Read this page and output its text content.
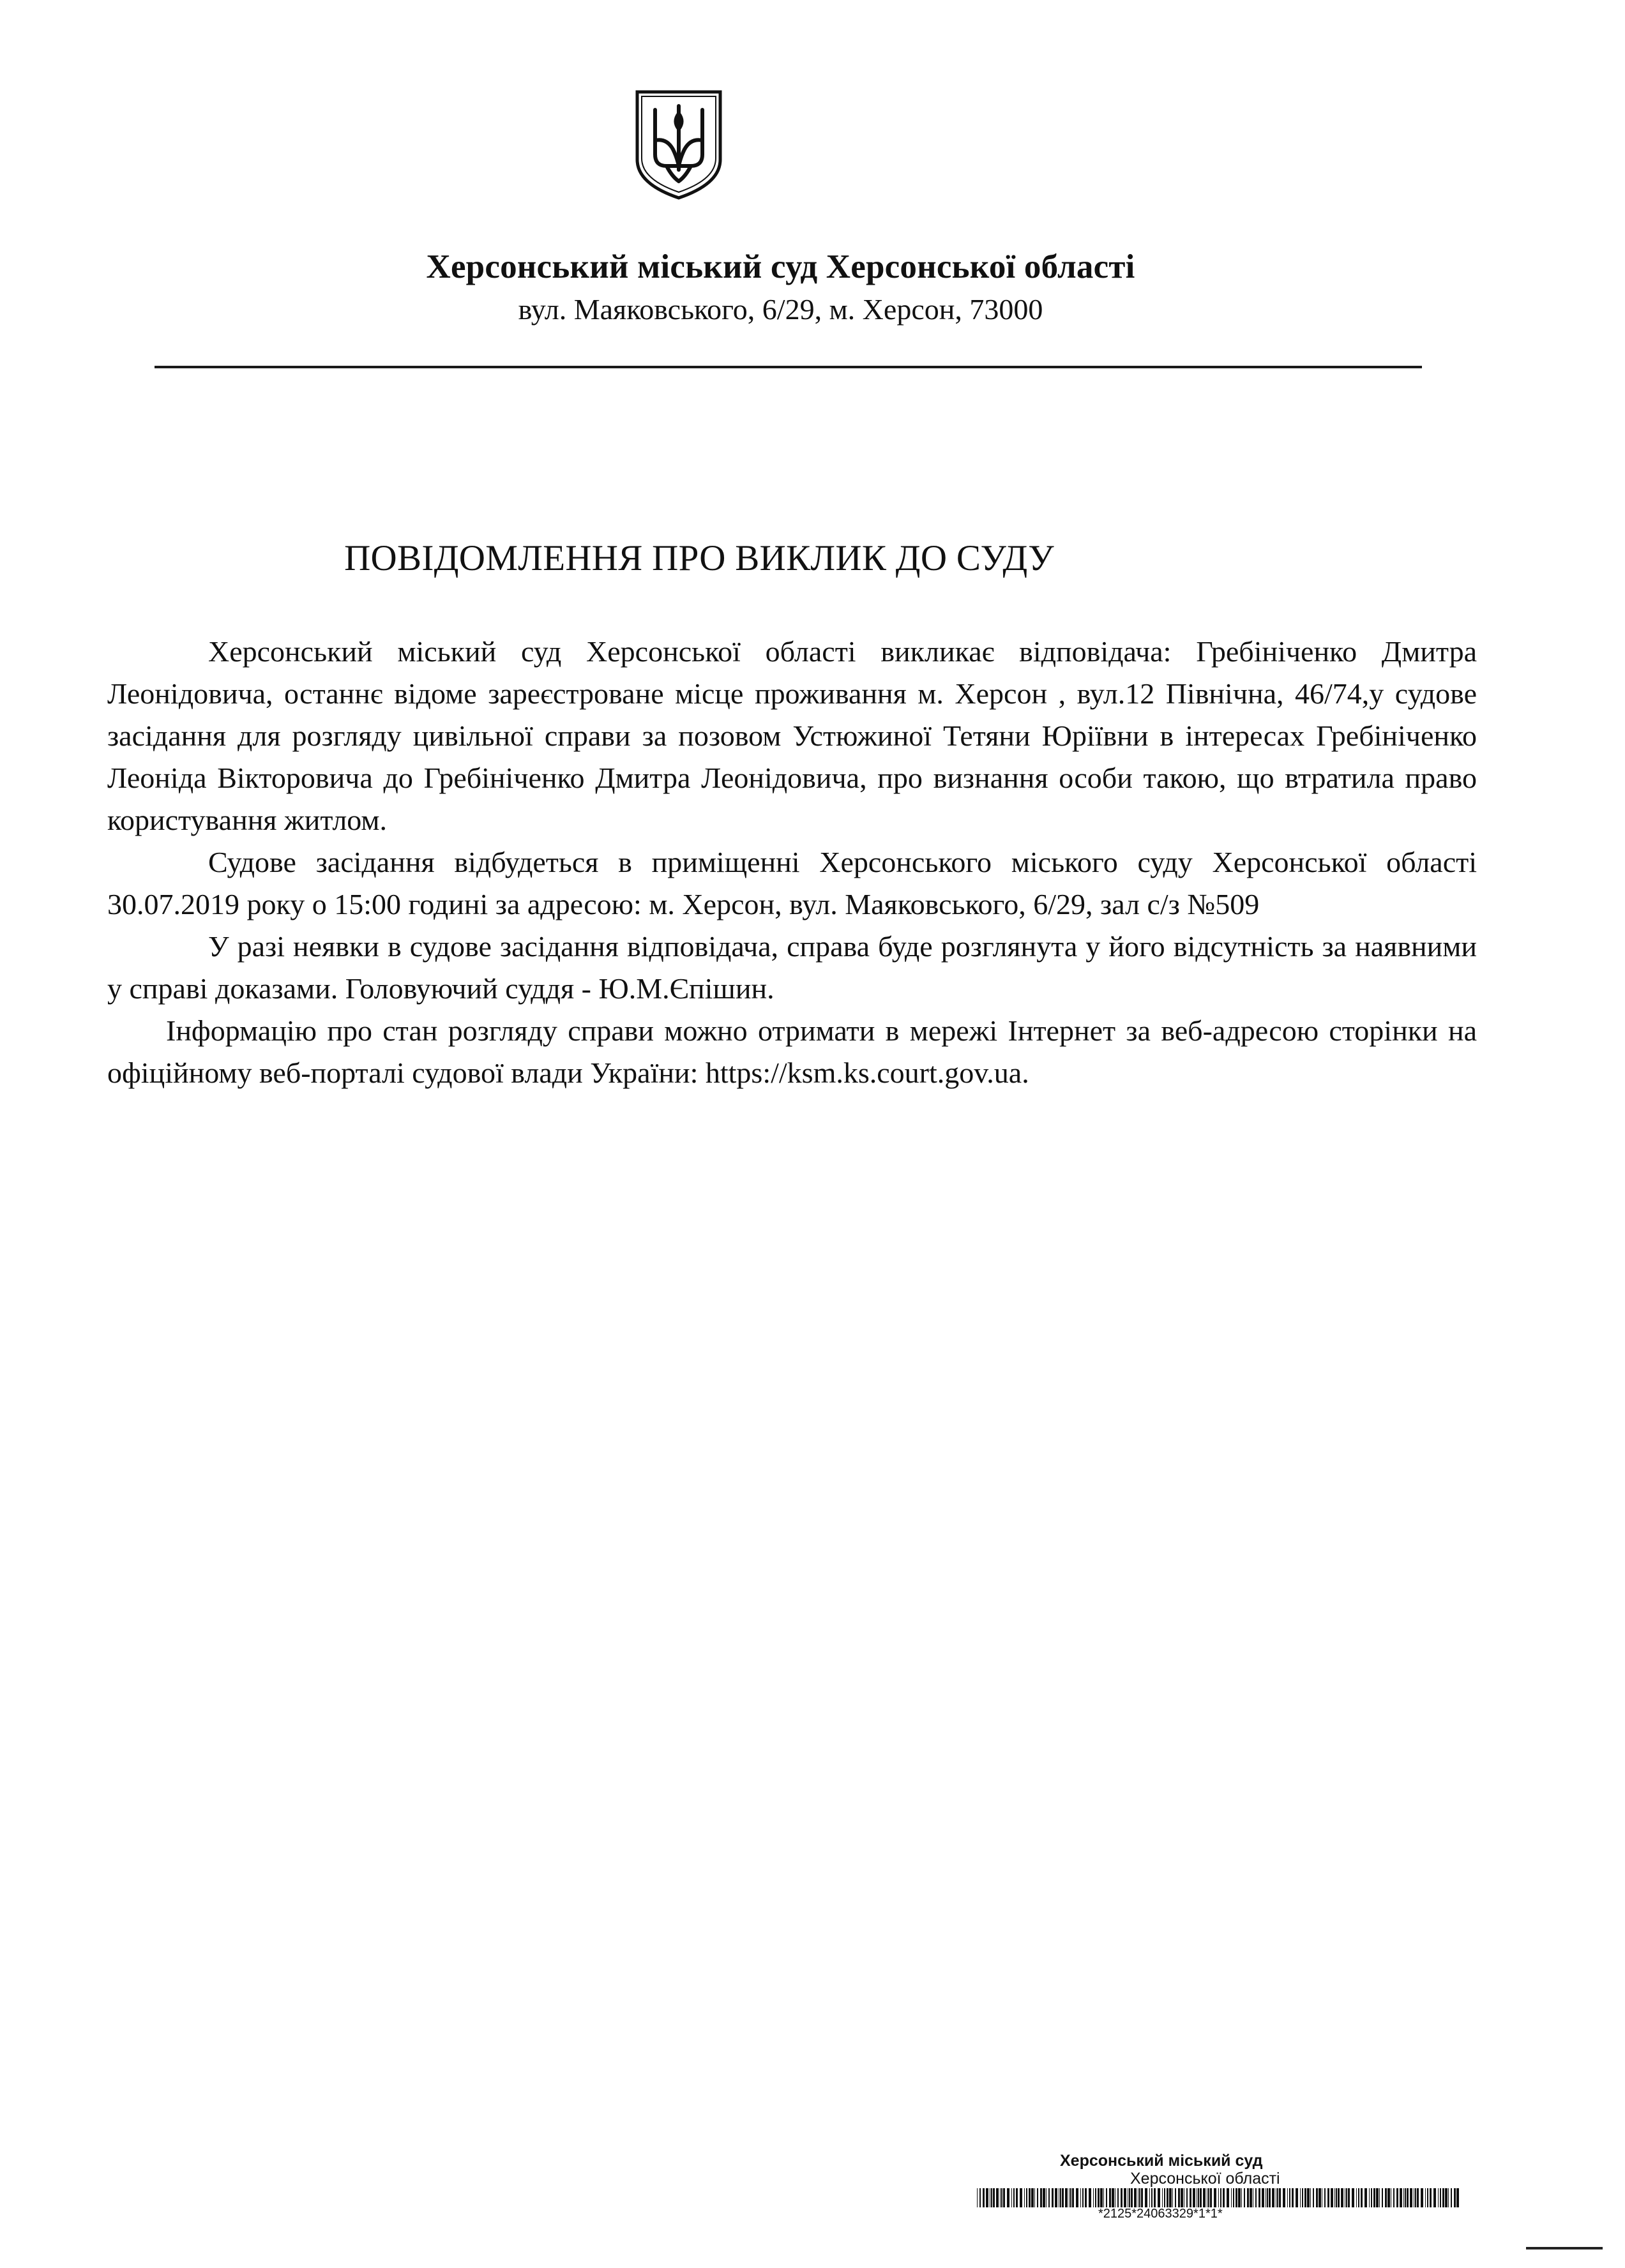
Херсонський міський суд Херсонської області
вул. Маяковського, 6/29, м. Херсон, 73000
ПОВІДОМЛЕННЯ ПРО ВИКЛИК ДО СУДУ

Херсонський міський суд Херсонської області викликає відповідача: Гребініченко Дмитра Леонідовича, останнє відоме зареєстроване місце проживання м. Херсон , вул.12 Північна, 46/74,у судове засідання для розгляду цивільної справи за позовом Устюжиної Тетяни Юріївни в інтересах Гребініченко Леоніда Вікторовича до Гребініченко Дмитра Леонідовича, про визнання особи такою, що втратила право користування житлом.

Судове засідання відбудеться в приміщенні Херсонського міського суду Херсонської області 30.07.2019 року о 15:00 годині за адресою: м. Херсон, вул. Маяковського, 6/29, зал с/з №509

У разі неявки в судове засідання відповідача, справа буде розглянута у його відсутність за наявними у справі доказами. Головуючий суддя - Ю.М.Єпішин.

Інформацію про стан розгляду справи можно отримати в мережі Інтернет за веб-адресою сторінки на офіційному веб-порталі судової влади України: https://ksm.ks.court.gov.ua.

Херсонський міський суд
Херсонської області
*2125*24063329*1*1*
